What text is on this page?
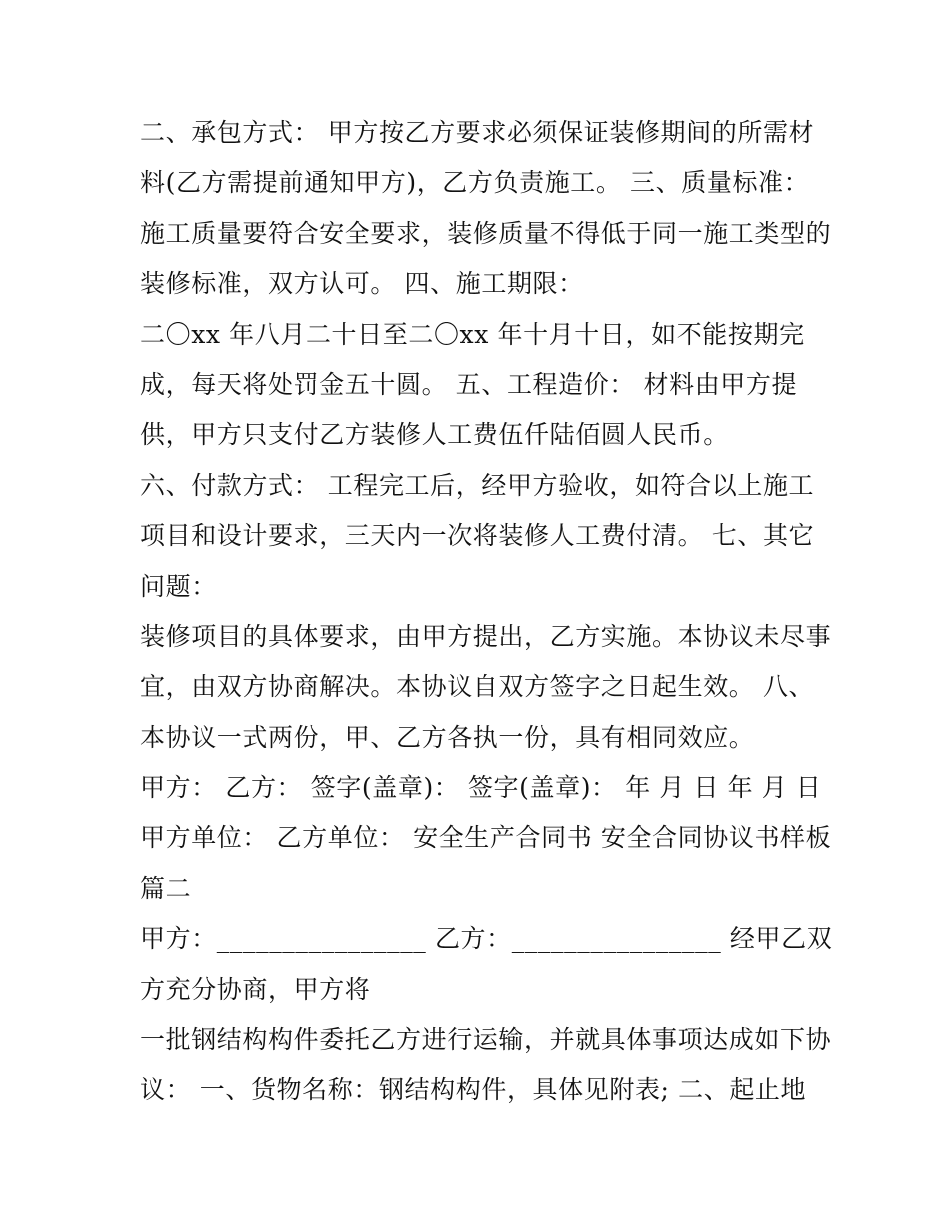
二、承包方式： 甲方按乙方要求必须保证装修期间的所需材
料(乙方需提前通知甲方)，乙方负责施工。 三、质量标准：
施工质量要符合安全要求，装修质量不得低于同一施工类型的
装修标准，双方认可。 四、施工期限：
二〇xx 年八月二十日至二〇xx 年十月十日，如不能按期完
成，每天将处罚金五十圆。 五、工程造价： 材料由甲方提
供，甲方只支付乙方装修人工费伍仟陆佰圆人民币。
六、付款方式： 工程完工后，经甲方验收，如符合以上施工
项目和设计要求，三天内一次将装修人工费付清。 七、其它
问题：
装修项目的具体要求，由甲方提出，乙方实施。本协议未尽事
宜，由双方协商解决。本协议自双方签字之日起生效。 八、
本协议一式两份，甲、乙方各执一份，具有相同效应。
甲方： 乙方： 签字(盖章)： 签字(盖章)： 年 月 日 年 月 日
甲方单位： 乙方单位： 安全生产合同书 安全合同协议书样板
篇二
甲方：________________ 乙方：________________ 经甲乙双
方充分协商，甲方将
一批钢结构构件委托乙方进行运输，并就具体事项达成如下协
议： 一、货物名称：钢结构构件，具体见附表; 二、起止地
